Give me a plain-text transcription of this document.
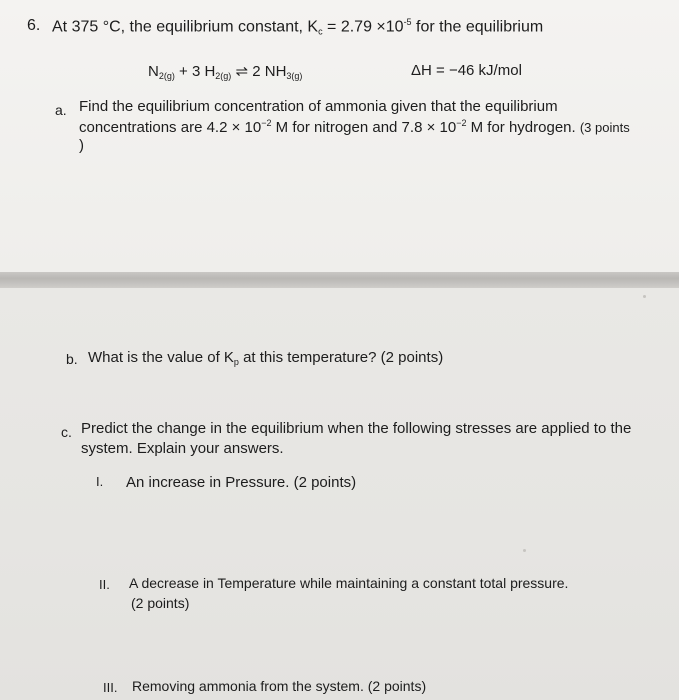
6. At 375 °C, the equilibrium constant, $K_c = 2.79 \times 10^{-5}$ for the equilibrium
$N_{2(g)} + 3$ $H_{2(g)}$ ⇌ 2 $NH_{3(g)}$	ΔH = −46 kJ/mol
a. Find the equilibrium concentration of ammonia given that the equilibrium
concentrations are $4.2 \times 10^{-2}$ M for nitrogen and $7.8 \times 10^{-2}$ M for hydrogen. (3 points
)
b. What is the value of $K_p$ at this temperature? (2 points)
c. Predict the change in the equilibrium when the following stresses are applied to the
system. Explain your answers.
I. An increase in Pressure. (2 points)
II. A decrease in Temperature while maintaining a constant total pressure.
(2 points)
III. Removing ammonia from the system. (2 points)
